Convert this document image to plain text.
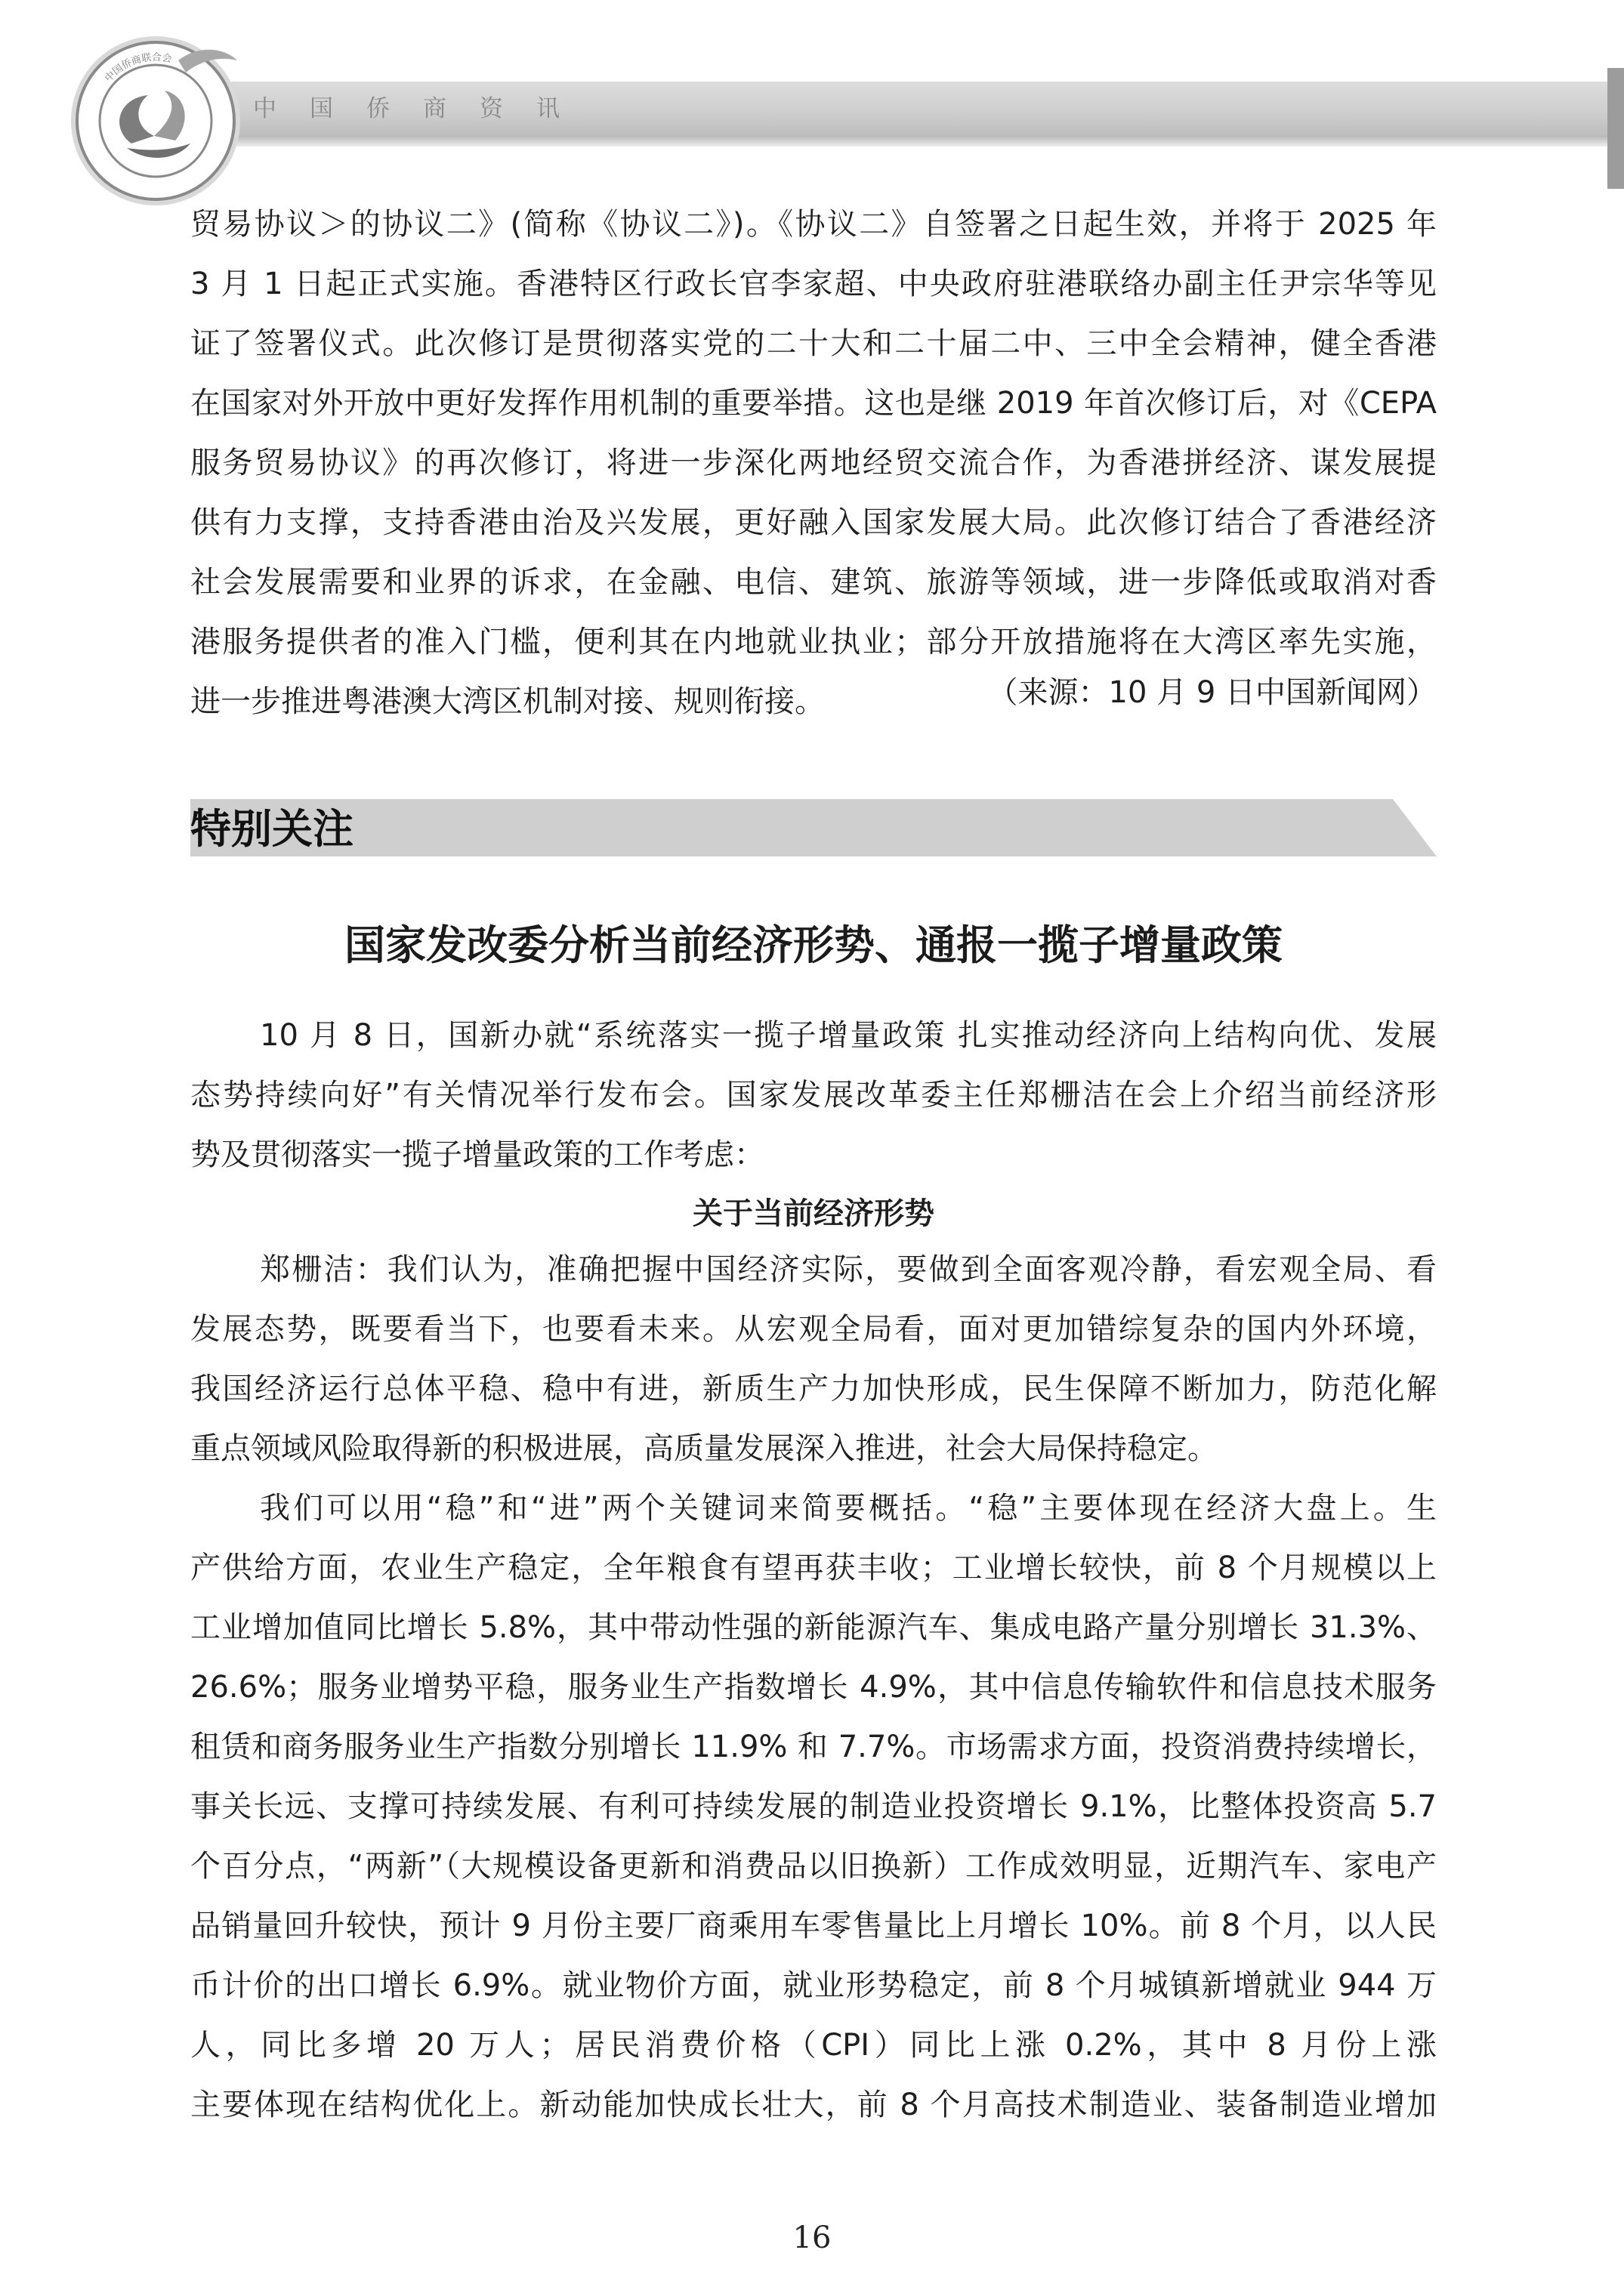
中国侨商资讯
中国侨商联合会
贸易协议＞的协议二》(简称《协议二》)。《协议二》自签署之日起生效，并将于 2025 年
3 月 1 日起正式实施。香港特区行政长官李家超、中央政府驻港联络办副主任尹宗华等见
证了签署仪式。此次修订是贯彻落实党的二十大和二十届二中、三中全会精神，健全香港
在国家对外开放中更好发挥作用机制的重要举措。这也是继 2019 年首次修订后，对《CEPA
服务贸易协议》的再次修订，将进一步深化两地经贸交流合作，为香港拼经济、谋发展提
供有力支撑，支持香港由治及兴发展，更好融入国家发展大局。此次修订结合了香港经济
社会发展需要和业界的诉求，在金融、电信、建筑、旅游等领域，进一步降低或取消对香
港服务提供者的准入门槛，便利其在内地就业执业；部分开放措施将在大湾区率先实施，
进一步推进粤港澳大湾区机制对接、规则衔接。	（来源：10 月 9 日中国新闻网）
特别关注
国家发改委分析当前经济形势、通报一揽子增量政策
10 月 8 日，国新办就“系统落实一揽子增量政策 扎实推动经济向上结构向优、发展
态势持续向好”有关情况举行发布会。国家发展改革委主任郑栅洁在会上介绍当前经济形
势及贯彻落实一揽子增量政策的工作考虑：
关于当前经济形势
郑栅洁：我们认为，准确把握中国经济实际，要做到全面客观冷静，看宏观全局、看
发展态势，既要看当下，也要看未来。从宏观全局看，面对更加错综复杂的国内外环境，
我国经济运行总体平稳、稳中有进，新质生产力加快形成，民生保障不断加力，防范化解
重点领域风险取得新的积极进展，高质量发展深入推进，社会大局保持稳定。
我们可以用“稳”和“进”两个关键词来简要概括。“稳”主要体现在经济大盘上。生
产供给方面，农业生产稳定，全年粮食有望再获丰收；工业增长较快，前 8 个月规模以上
工业增加值同比增长 5.8%，其中带动性强的新能源汽车、集成电路产量分别增长 31.3%、
26.6%；服务业增势平稳，服务业生产指数增长 4.9%，其中信息传输软件和信息技术服务
租赁和商务服务业生产指数分别增长 11.9% 和 7.7%。市场需求方面，投资消费持续增长，
事关长远、支撑可持续发展、有利可持续发展的制造业投资增长 9.1%，比整体投资高 5.7
个百分点，“两新”（大规模设备更新和消费品以旧换新）工作成效明显，近期汽车、家电产
品销量回升较快，预计 9 月份主要厂商乘用车零售量比上月增长 10%。前 8 个月，以人民
币计价的出口增长 6.9%。就业物价方面，就业形势稳定，前 8 个月城镇新增就业 944 万
人，同比多增 20 万人；居民消费价格（CPI）同比上涨 0.2%，其中 8 月份上涨
主要体现在结构优化上。新动能加快成长壮大，前 8 个月高技术制造业、装备制造业增加
16
